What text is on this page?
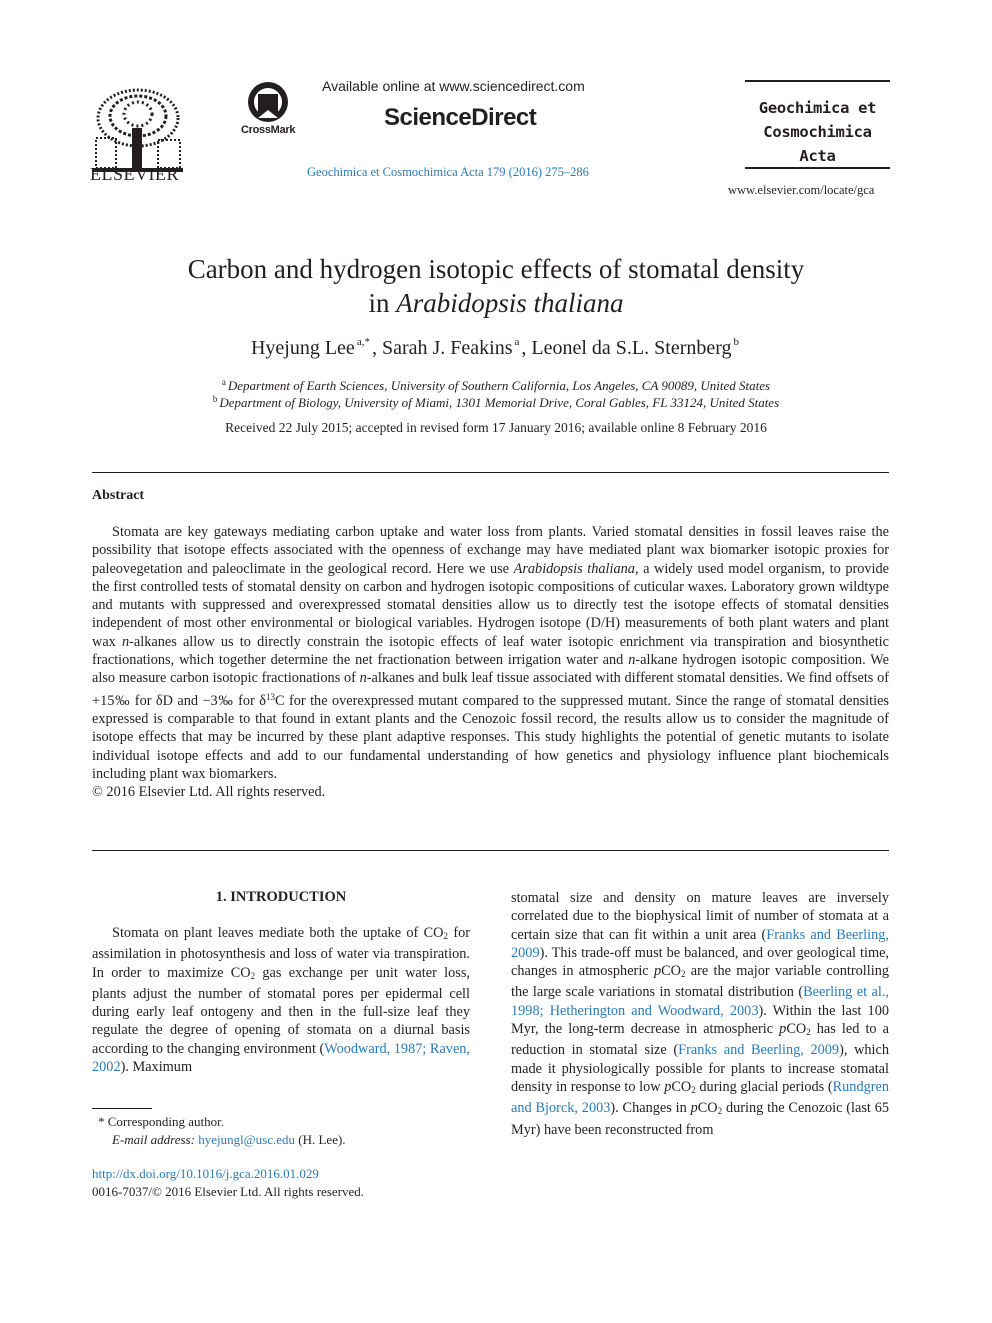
ELSEVIER
CrossMark
Available online at www.sciencedirect.com
ScienceDirect
Geochimica et Cosmochimica Acta 179 (2016) 275–286
Geochimica et
Cosmochimica
Acta
www.elsevier.com/locate/gca
Carbon and hydrogen isotopic effects of stomatal density
in Arabidopsis thaliana
Hyejung Lee $^{a,*}$ , Sarah J. Feakins $^a$ , Leonel da S.L. Sternberg $^b$
$^a$ Department of Earth Sciences, University of Southern California, Los Angeles, CA 90089, United States
$^b$ Department of Biology, University of Miami, 1301 Memorial Drive, Coral Gables, FL 33124, United States
Received 22 July 2015; accepted in revised form 17 January 2016; available online 8 February 2016
Abstract

Stomata are key gateways mediating carbon uptake and water loss from plants. Varied stomatal densities in fossil leaves raise the possibility that isotope effects associated with the openness of exchange may have mediated plant wax biomarker isotopic proxies for paleovegetation and paleoclimate in the geological record. Here we use Arabidopsis thaliana, a widely used model organism, to provide the first controlled tests of stomatal density on carbon and hydrogen isotopic compositions of cuticular waxes. Laboratory grown wildtype and mutants with suppressed and overexpressed stomatal densities allow us to directly test the isotope effects of stomatal densities independent of most other environmental or biological variables. Hydrogen isotope (D/H) measurements of both plant waters and plant wax n-alkanes allow us to directly constrain the isotopic effects of leaf water isotopic enrichment via transpiration and biosynthetic fractionations, which together determine the net fractionation between irrigation water and n-alkane hydrogen isotopic composition. We also measure carbon isotopic fractionations of n-alkanes and bulk leaf tissue associated with different stomatal densities. We find offsets of +15‰ for δD and −3‰ for $\delta^{13}C$ for the overexpressed mutant compared to the suppressed mutant. Since the range of stomatal densities expressed is comparable to that found in extant plants and the Cenozoic fossil record, the results allow us to consider the magnitude of isotope effects that may be incurred by these plant adaptive responses. This study highlights the potential of genetic mutants to isolate individual isotope effects and add to our fundamental understanding of how genetics and physiology influence plant biochemicals including plant wax biomarkers.

© 2016 Elsevier Ltd. All rights reserved.

1. INTRODUCTION

Stomata on plant leaves mediate both the uptake of $CO_2$ for assimilation in photosynthesis and loss of water via transpiration. In order to maximize $CO_2$ gas exchange per unit water loss, plants adjust the number of stomatal pores per epidermal cell during early leaf ontogeny and then in the full-size leaf they regulate the degree of opening of stomata on a diurnal basis according to the changing environment (Woodward, 1987; Raven, 2002). Maximum

stomatal size and density on mature leaves are inversely correlated due to the biophysical limit of number of stomata at a certain size that can fit within a unit area (Franks and Beerling, 2009). This trade-off must be balanced, and over geological time, changes in atmospheric pCO$_2$ are the major variable controlling the large scale variations in stomatal distribution (Beerling et al., 1998; Hetherington and Woodward, 2003). Within the last 100 Myr, the long-term decrease in atmospheric pCO$_2$ has led to a reduction in stomatal size (Franks and Beerling, 2009), which made it physiologically possible for plants to increase stomatal density in response to low pCO$_2$ during glacial periods (Rundgren and Bjorck, 2003). Changes in pCO$_2$ during the Cenozoic (last 65 Myr) have been reconstructed from

* Corresponding author.
E-mail address: hyejungl@usc.edu (H. Lee).
http://dx.doi.org/10.1016/j.gca.2016.01.029
0016-7037/© 2016 Elsevier Ltd. All rights reserved.
